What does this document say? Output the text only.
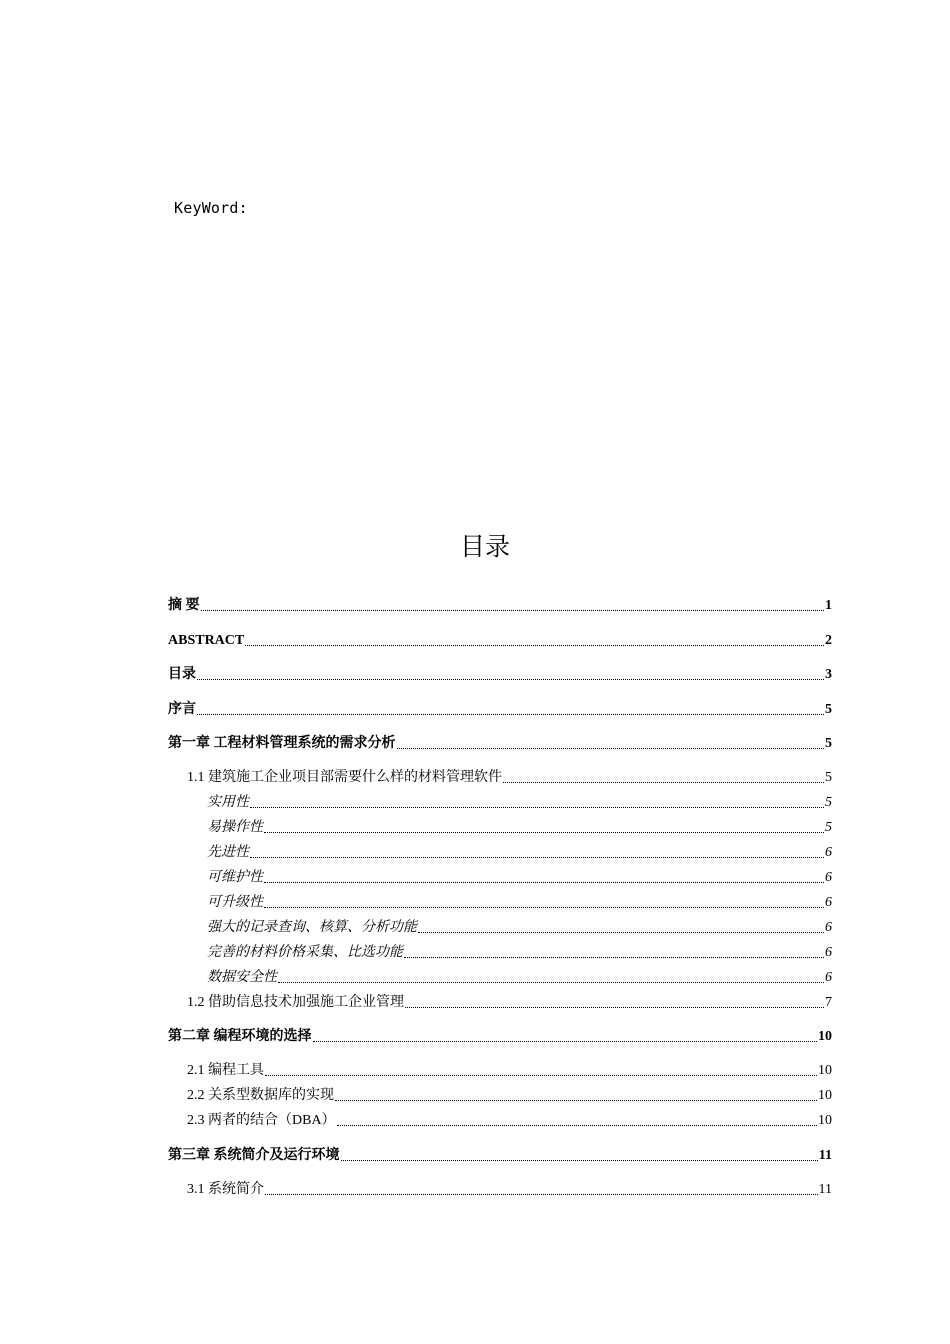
KeyWord:
目录
摘 要	1
ABSTRACT	2
目录	3
序言	5
第一章 工程材料管理系统的需求分析	5
1.1 建筑施工企业项目部需要什么样的材料管理软件	5
实用性	5
易操作性	5
先进性	6
可维护性	6
可升级性	6
强大的记录查询、核算、分析功能	6
完善的材料价格采集、比选功能	6
数据安全性	6
1.2 借助信息技术加强施工企业管理	7
第二章 编程环境的选择	10
2.1 编程工具	10
2.2 关系型数据库的实现	10
2.3 两者的结合（DBA）	10
第三章 系统简介及运行环境	11
3.1 系统简介	11
